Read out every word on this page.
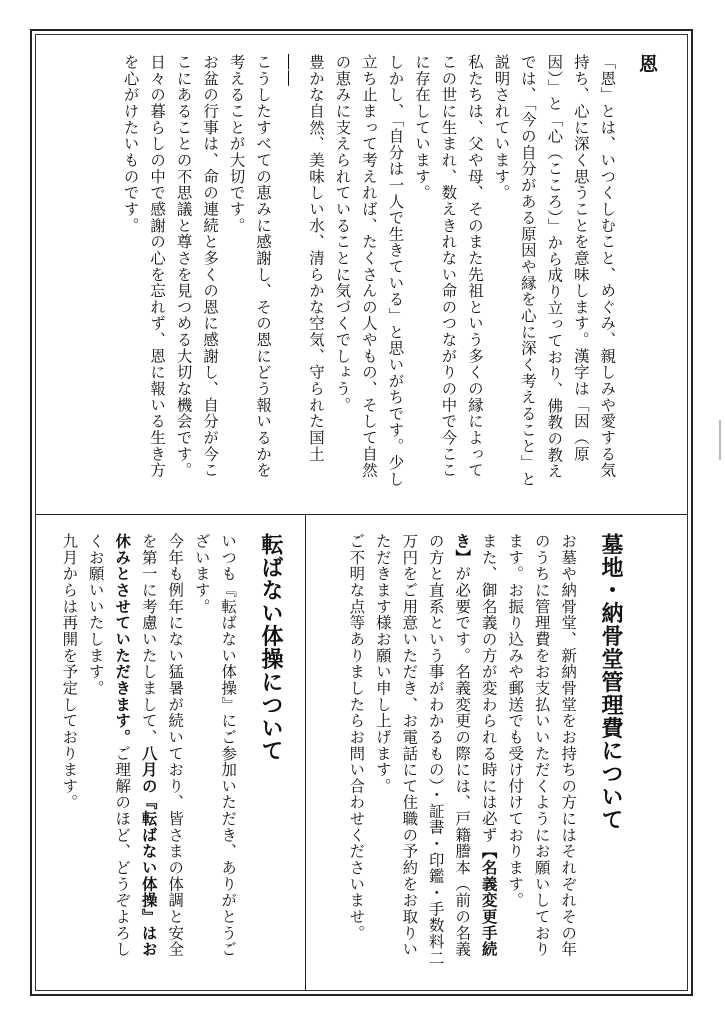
恩
「恩」とは、いつくしむこと、めぐみ、親しみや愛する気持ち、心に深く思うことを意味します。漢字は「因（原因）」と「心（こころ）」から成り立っており、佛教の教えでは、「今の自分がある原因や縁を心に深く考えること」と説明されています。
私たちは、父や母、そのまた先祖という多くの縁によってこの世に生まれ、数えきれない命のつながりの中で今ここに存在しています。
しかし、「自分は一人で生きている」と思いがちです。少し立ち止まって考えれば、たくさんの人やもの、そして自然の恵みに支えられていることに気づくでしょう。
豊かな自然、美味しい水、清らかな空気、守られた国土――
こうしたすべての恵みに感謝し、その恩にどう報いるかを考えることが大切です。
お盆の行事は、命の連続と多くの恩に感謝し、自分が今ここにあることの不思議と尊さを見つめる大切な機会です。
日々の暮らしの中で感謝の心を忘れず、恩に報いる生き方を心がけたいものです。
墓地・納骨堂管理費について
お墓や納骨堂、新納骨堂をお持ちの方にはそれぞれその年のうちに管理費をお支払いいただくようにお願いしております。お振り込みや郵送でも受け付けております。
また、御名義の方が変わられる時には必ず【名義変更手続き】が必要です。名義変更の際には、戸籍謄本（前の名義の方と直系という事がわかるもの）・証書・印鑑・手数料二万円をご用意いただき、お電話にて住職の予約をお取りいただきます様お願い申し上げます。
ご不明な点等ありましたらお問い合わせくださいませ。
転ばない体操について
いつも『転ばない体操』にご参加いただき、ありがとうございます。
今年も例年にない猛暑が続いており、皆さまの体調と安全を第一に考慮いたしまして、八月の『転ばない体操』はお休みとさせていただきます。ご理解のほど、どうぞよろしくお願いいたします。
九月からは再開を予定しております。
